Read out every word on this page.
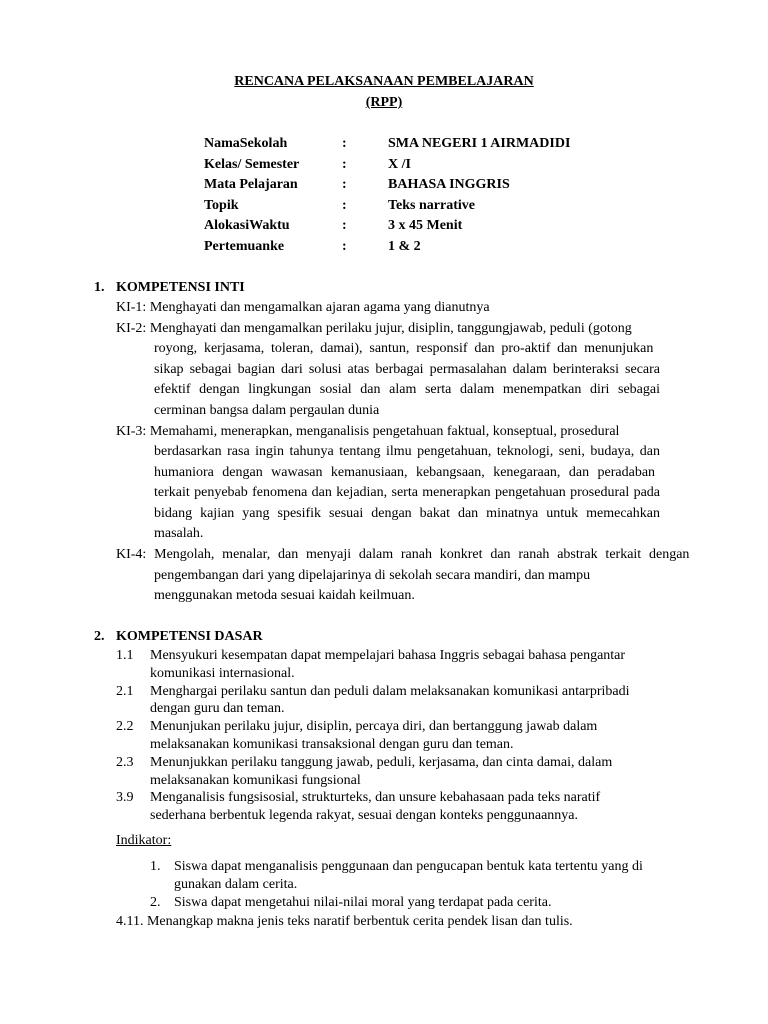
RENCANA PELAKSANAAN PEMBELAJARAN
(RPP)
NamaSekolah	:	SMA NEGERI 1 AIRMADIDI
Kelas/ Semester	:	X /I
Mata Pelajaran	:	BAHASA INGGRIS
Topik	:	Teks narrative
AlokasiWaktu	:	3 x 45 Menit
Pertemuanke	:	1 & 2
1. KOMPETENSI INTI
KI-1: Menghayati dan mengamalkan ajaran agama yang dianutnya
KI-2: Menghayati dan mengamalkan perilaku jujur, disiplin, tanggungjawab, peduli (gotong
royong, kerjasama, toleran, damai), santun, responsif dan pro-aktif dan menunjukan sikap sebagai bagian dari solusi atas berbagai permasalahan dalam berinteraksi secara efektif dengan lingkungan sosial dan alam serta dalam menempatkan diri sebagai
cerminan bangsa dalam pergaulan dunia
KI-3: Memahami, menerapkan, menganalisis pengetahuan faktual, konseptual, prosedural berdasarkan rasa ingin tahunya tentang ilmu pengetahuan, teknologi, seni, budaya, dan humaniora dengan wawasan kemanusiaan, kebangsaan, kenegaraan, dan peradaban terkait penyebab fenomena dan kejadian, serta menerapkan pengetahuan prosedural pada bidang kajian yang spesifik sesuai dengan bakat dan minatnya untuk memecahkan
masalah.
KI-4: Mengolah, menalar, dan menyaji dalam ranah konkret dan ranah abstrak terkait dengan pengembangan dari yang dipelajarinya di sekolah secara mandiri, dan mampu
menggunakan metoda sesuai kaidah keilmuan.
2. KOMPETENSI DASAR
1.1	Mensyukuri kesempatan dapat mempelajari bahasa Inggris sebagai bahasa pengantar
komunikasi internasional.
2.1	Menghargai perilaku santun dan peduli dalam melaksanakan komunikasi antarpribadi
dengan guru dan teman.
2.2	Menunjukan perilaku jujur, disiplin, percaya diri, dan bertanggung jawab dalam
melaksanakan komunikasi transaksional dengan guru dan teman.
2.3	Menunjukkan perilaku tanggung jawab, peduli, kerjasama, dan cinta damai, dalam
melaksanakan komunikasi fungsional
3.9	Menganalisis fungsisosial, strukturteks, dan unsure kebahasaan pada teks naratif
sederhana berbentuk legenda rakyat, sesuai dengan konteks penggunaannya.
Indikator:
1. Siswa dapat menganalisis penggunaan dan pengucapan bentuk kata tertentu yang di
gunakan dalam cerita.
2. Siswa dapat mengetahui nilai-nilai moral yang terdapat pada cerita.
4.11. Menangkap makna jenis teks naratif berbentuk cerita pendek lisan dan tulis.
